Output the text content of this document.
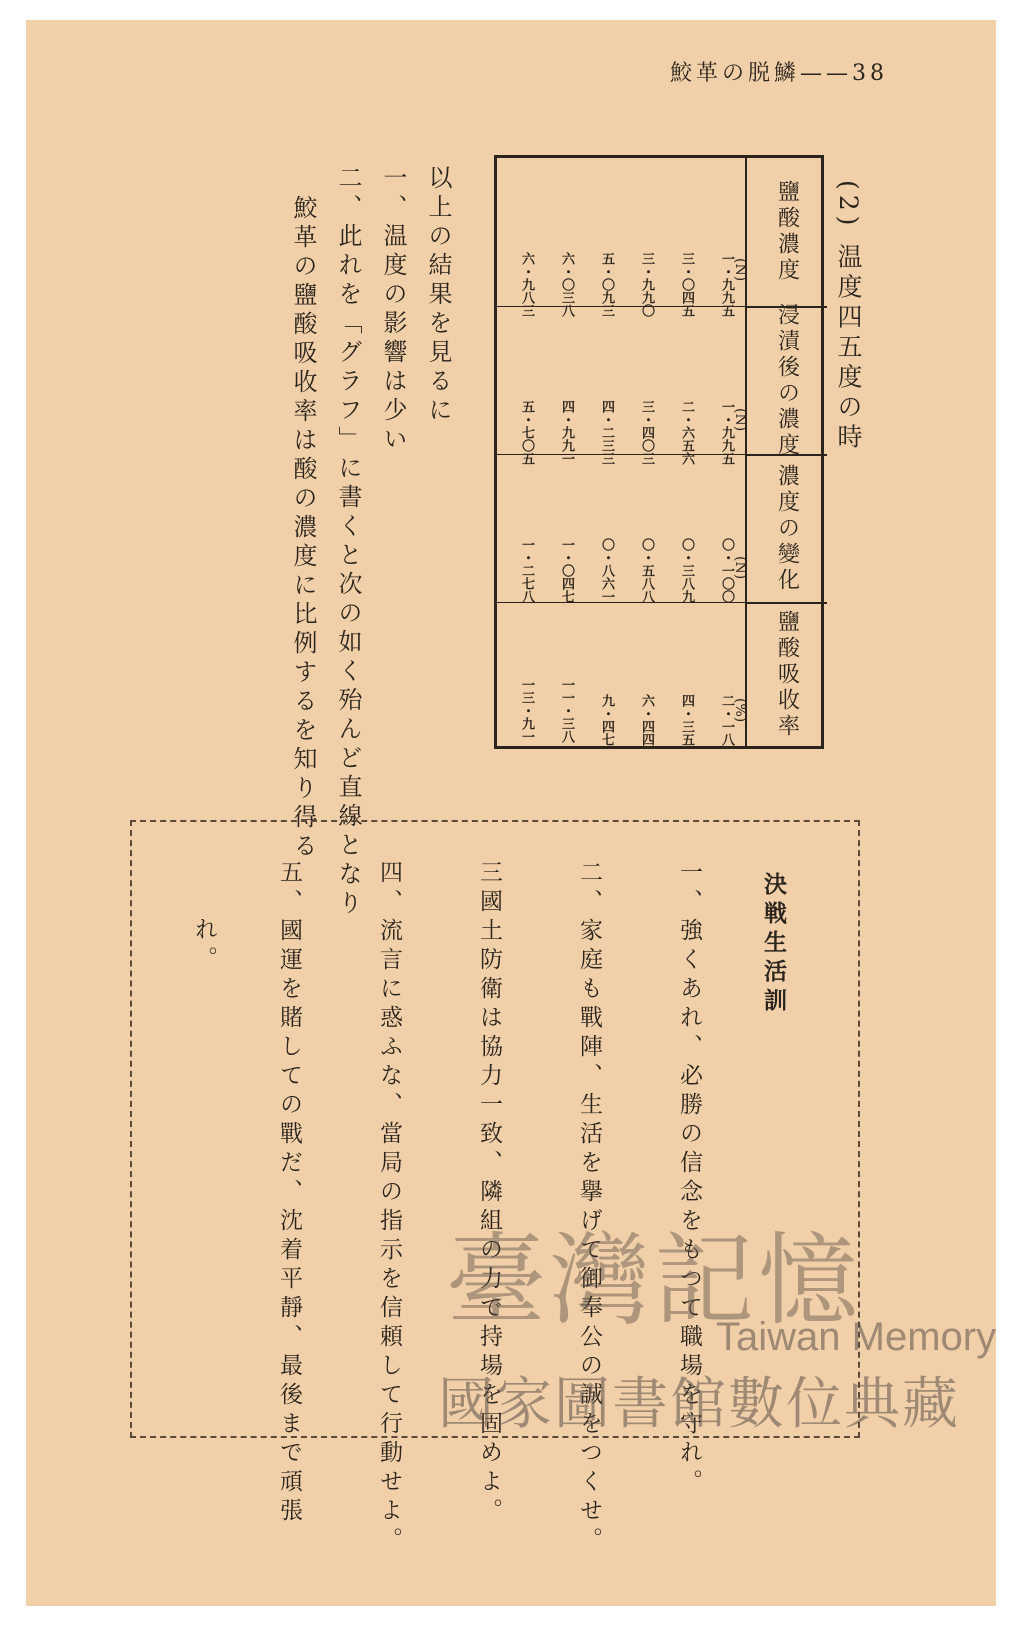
鮫革の脱鱗——38
(2) 温度四五度の時
鹽酸濃度
浸漬後の濃度
濃度の變化
鹽酸吸收率
(N)
(N)
(N)
(%)
一・九九五
一・九九五
〇・一〇〇
二・一八
三・〇四五
二・六五六
〇・三八九
四・三五
三・九九〇
三・四〇三
〇・五八八
六・四四
五・〇九三
四・二三三
〇・八六一
九・四七
六・〇三八
四・九九一
一・〇四七
一一・三八
六・九八三
五・七〇五
一・二七八
一三・九一
以上の結果を見るに
一、温度の影響は少い
二、此れを「グラフ」に書くと次の如く殆んど直線となり
鮫革の鹽酸吸收率は酸の濃度に比例するを知り得る
決戦生活訓
一、強くあれ、必勝の信念をもつて職場を守れ。
二、家庭も戰陣、生活を擧げて御奉公の誠をつくせ。
三國土防衛は協力一致、隣組の力で持場を固めよ。
四、流言に惑ふな、當局の指示を信頼して行動せよ。
五、國運を賭しての戰だ、沈着平靜、最後まで頑張
れ。
臺灣記憶
Taiwan Memory
國家圖書館數位典藏
